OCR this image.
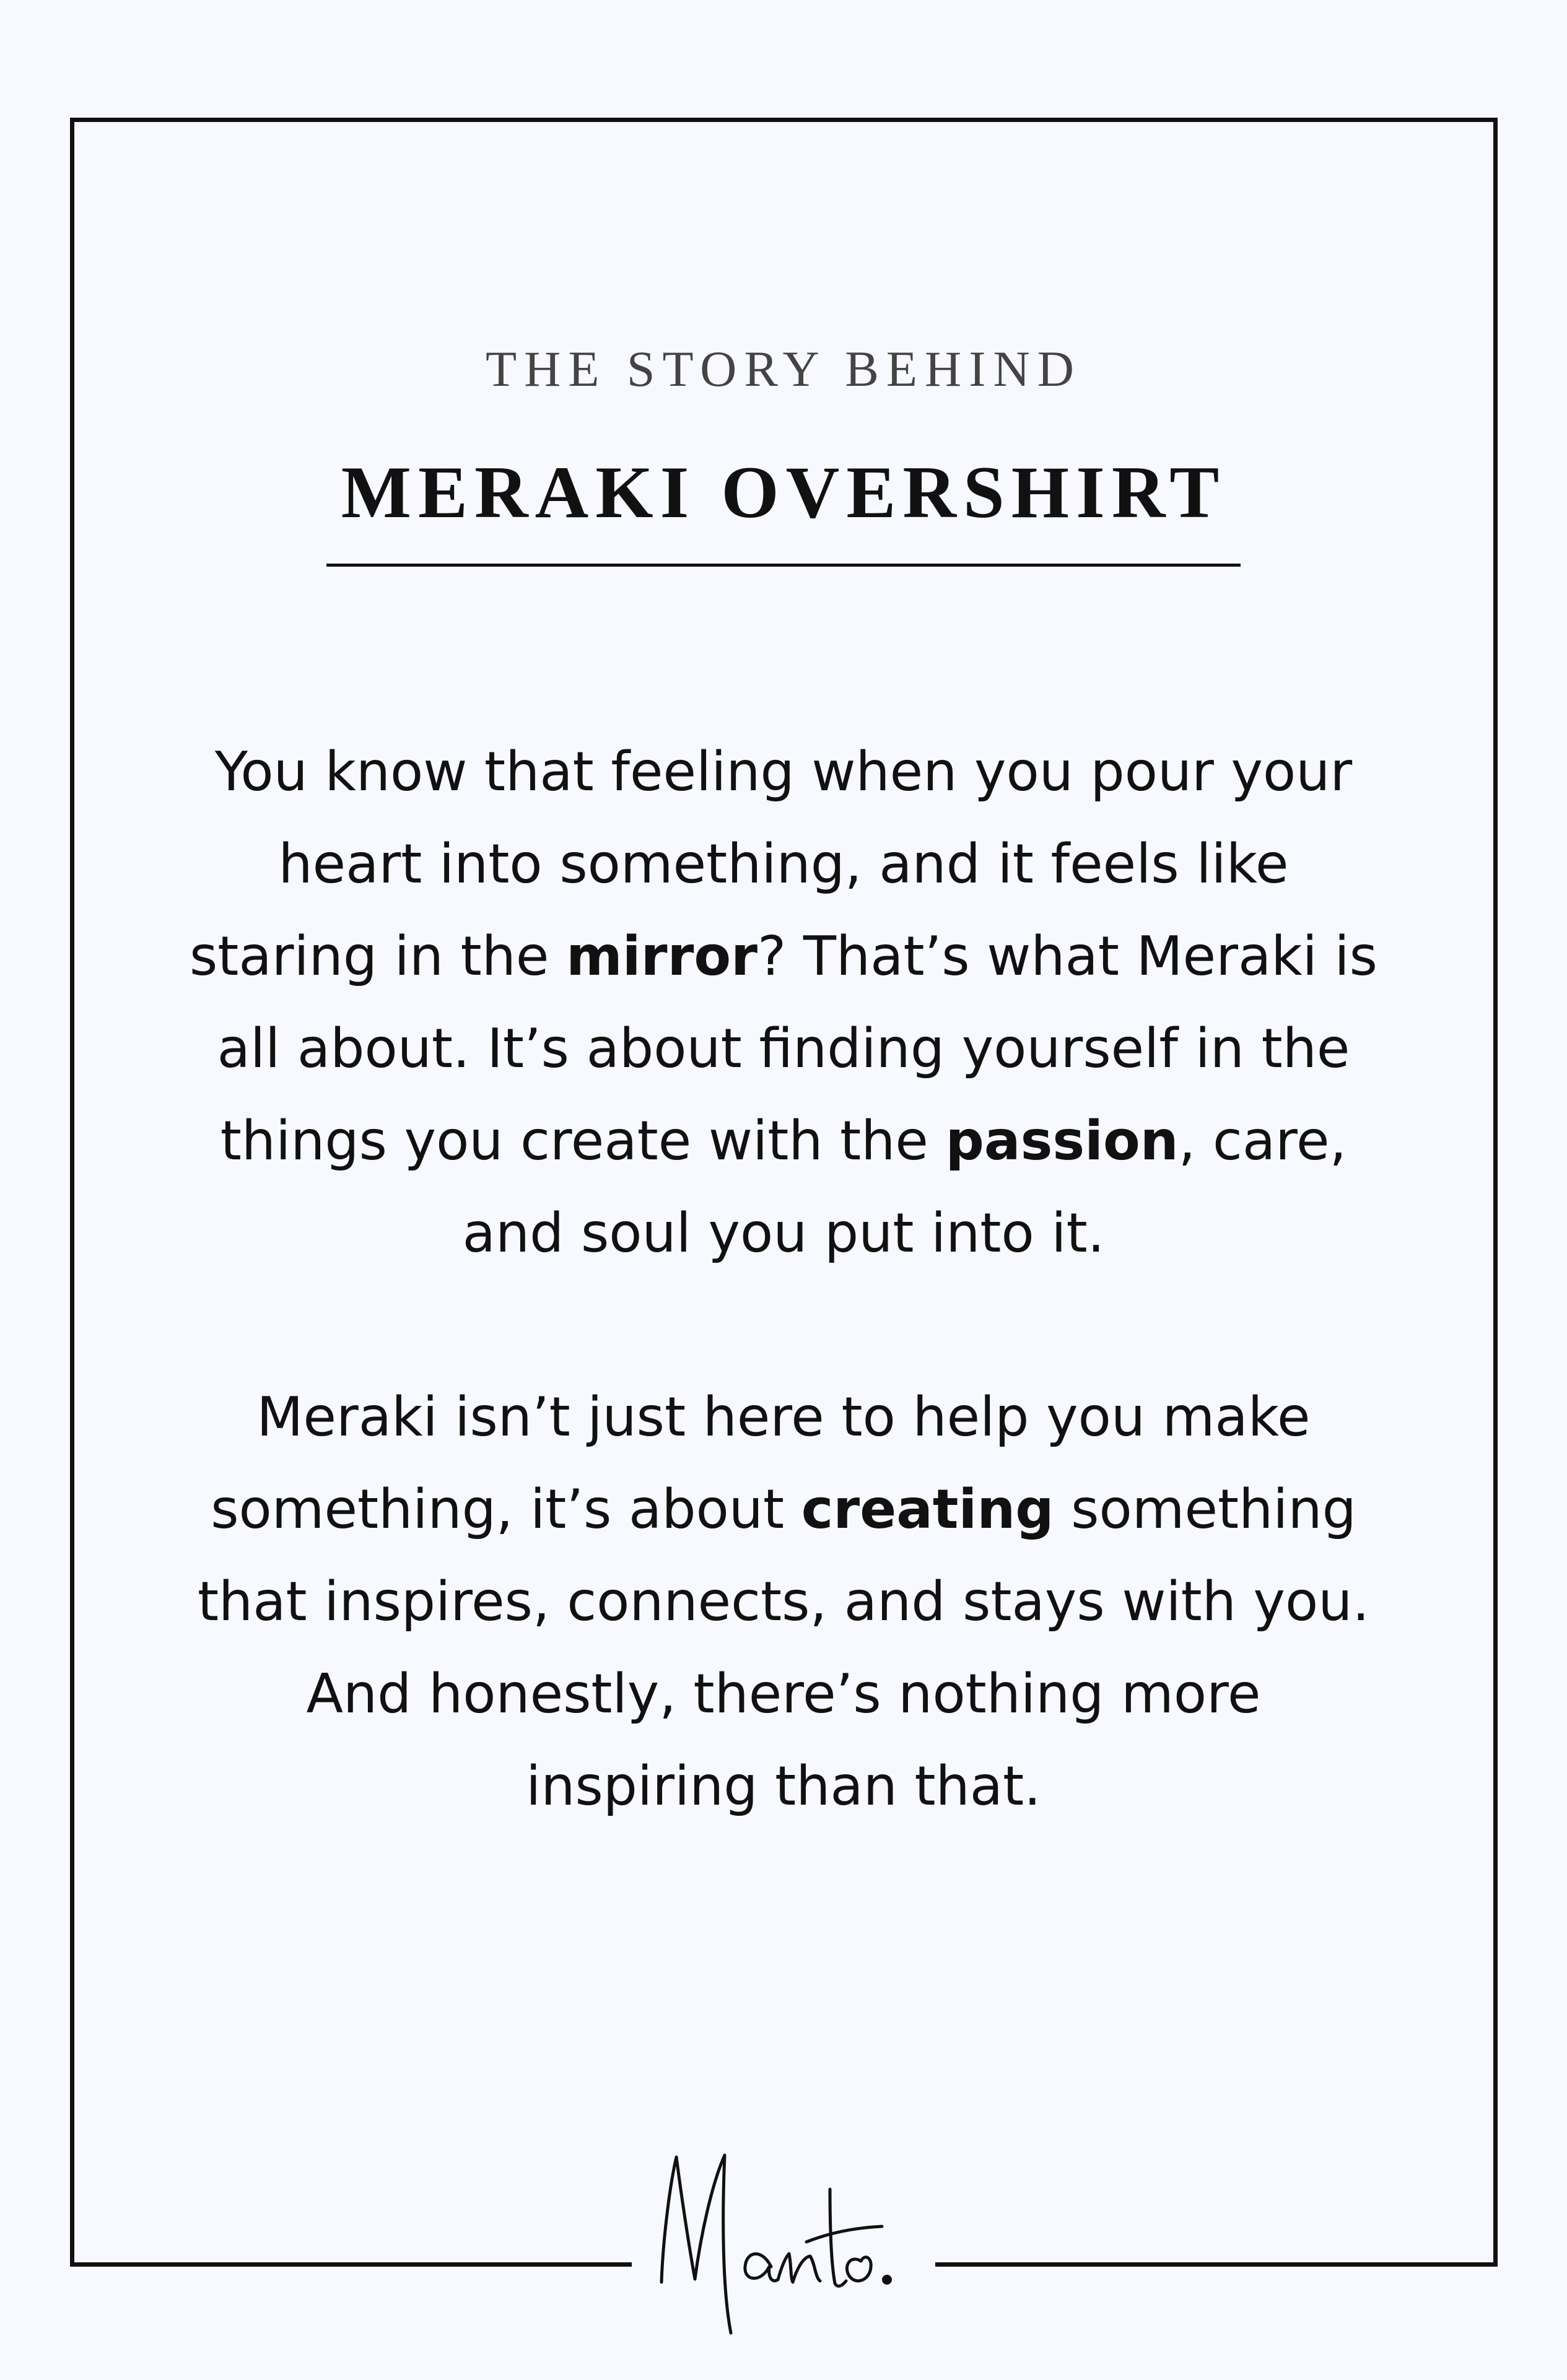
THE STORY BEHIND
MERAKI OVERSHIRT
You know that feeling when you pour your
heart into something, and it feels like
staring in the mirror? That’s what Meraki is
all about. It’s about finding yourself in the
things you create with the passion, care,
and soul you put into it.
Meraki isn’t just here to help you make
something, it’s about creating something
that inspires, connects, and stays with you.
And honestly, there’s nothing more
inspiring than that.
